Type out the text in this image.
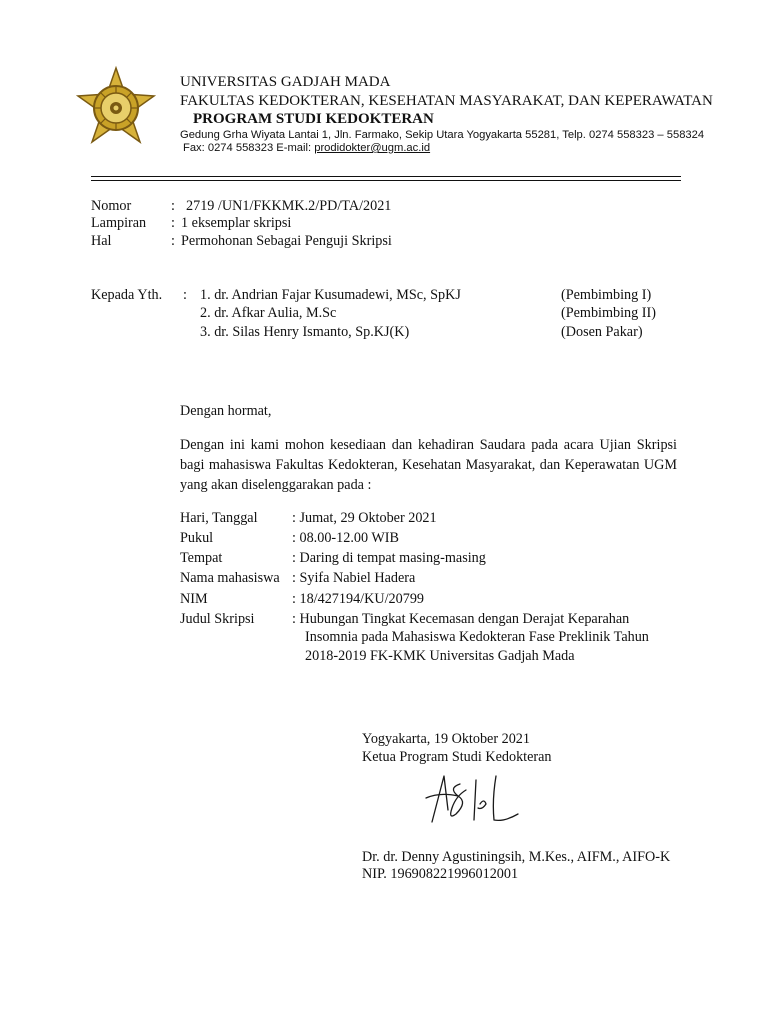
UNIVERSITAS GADJAH MADA
FAKULTAS KEDOKTERAN, KESEHATAN MASYARAKAT, DAN KEPERAWATAN
PROGRAM STUDI KEDOKTERAN
Gedung Grha Wiyata Lantai 1, Jln. Farmako, Sekip Utara Yogyakarta 55281, Telp. 0274 558323 – 558324
Fax: 0274 558323 E-mail: prodidokter@ugm.ac.id
Nomor	: 2719 /UN1/FKKMK.2/PD/TA/2021
Lampiran : 1 eksemplar skripsi
Hal	: Permohonan Sebagai Penguji Skripsi
Kepada Yth. : 1. dr. Andrian Fajar Kusumadewi, MSc, SpKJ	(Pembimbing I)
2. dr. Afkar Aulia, M.Sc	(Pembimbing II)
3. dr. Silas Henry Ismanto, Sp.KJ(K)	(Dosen Pakar)
Dengan hormat,
Dengan ini kami mohon kesediaan dan kehadiran Saudara pada acara Ujian Skripsi bagi mahasiswa Fakultas Kedokteran, Kesehatan Masyarakat, dan Keperawatan UGM yang akan diselenggarakan pada :
Hari, Tanggal : Jumat, 29 Oktober 2021
Pukul	: 08.00-12.00 WIB
Tempat	: Daring di tempat masing-masing
Nama mahasiswa : Syifa Nabiel Hadera
NIM	: 18/427194/KU/20799
Judul Skripsi	: Hubungan Tingkat Kecemasan dengan Derajat Keparahan
Insomnia pada Mahasiswa Kedokteran Fase Preklinik Tahun
2018-2019 FK-KMK Universitas Gadjah Mada
Yogyakarta, 19 Oktober 2021
Ketua Program Studi Kedokteran
Dr. dr. Denny Agustiningsih, M.Kes., AIFM., AIFO-K
NIP. 196908221996012001
